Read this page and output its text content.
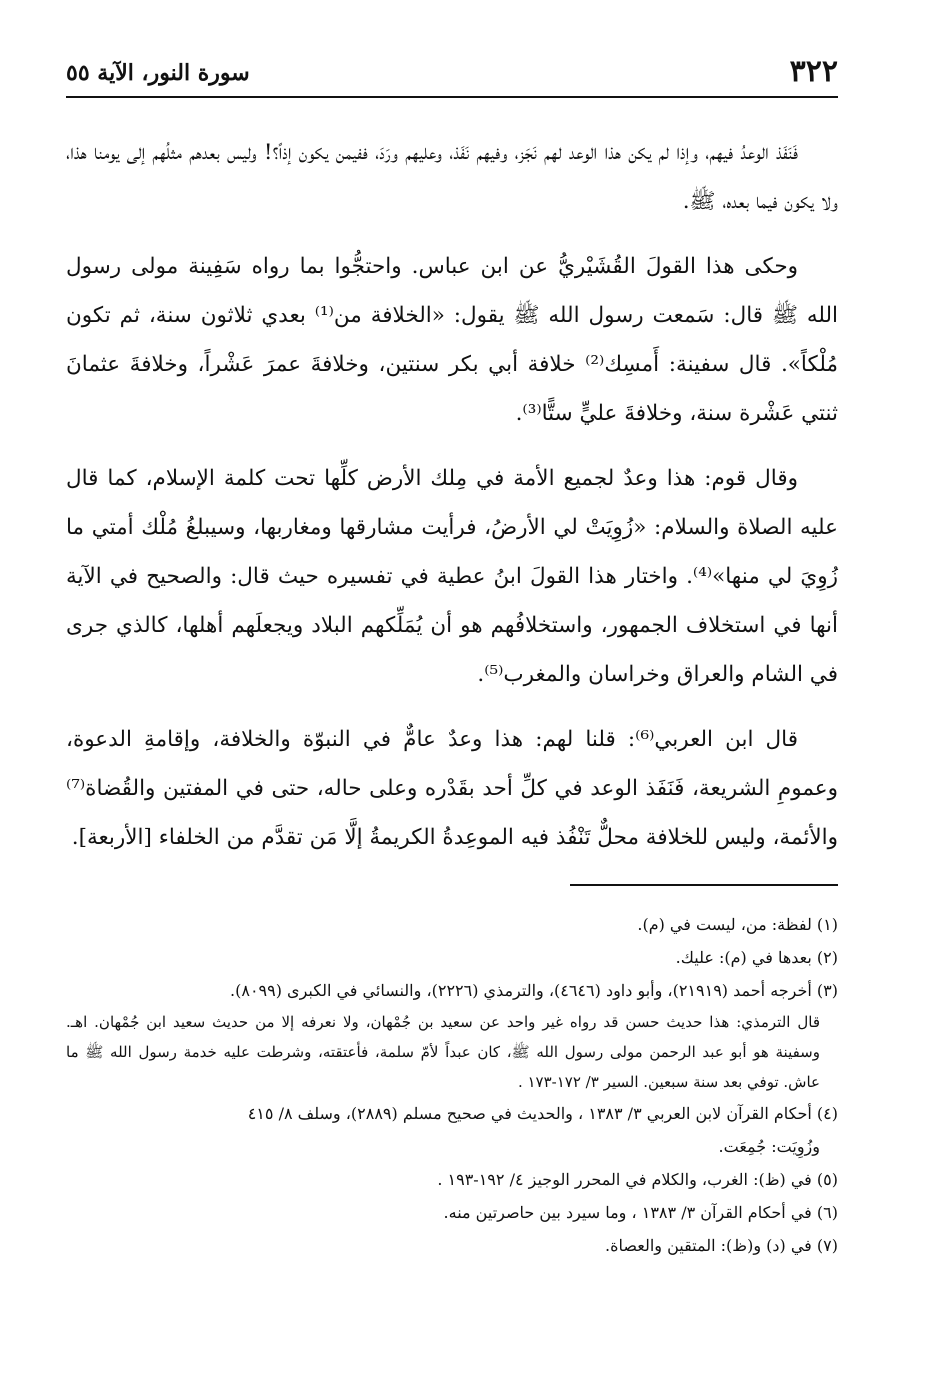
٣٢٢
سورة النور، الآية ٥٥

فَنَفَذ الوعدُ فيهم، وإذا لم يكن هذا الوعد لهم نَجَز، وفيهم نَفَذ، وعليهم ورَدَ، ففيمن يكون إذاً؟! وليس بعدهم مثلُهم إلى يومنا هذا، ولا يكون فيما بعده، ﷺ.

وحكى هذا القولَ القُشَيْريُّ عن ابن عباس. واحتجُّوا بما رواه سَفِينة مولى رسول الله ﷺ قال: سَمعت رسول الله ﷺ يقول: «الخلافة من⁽¹⁾ بعدي ثلاثون سنة، ثم تكون مُلْكاً». قال سفينة: أَمسِك⁽²⁾ خلافة أبي بكر سنتين، وخلافةَ عمرَ عَشْراً، وخلافةَ عثمانَ ثنتي عَشْرة سنة، وخلافةَ عليٍّ ستًّا⁽³⁾.

وقال قوم: هذا وعدٌ لجميع الأمة في مِلك الأرض كلِّها تحت كلمة الإسلام، كما قال عليه الصلاة والسلام: «زُوِيَتْ لي الأرضُ، فرأيت مشارقها ومغاربها، وسيبلغُ مُلْك أمتي ما زُوِيَ لي منها»⁽⁴⁾. واختار هذا القولَ ابنُ عطية في تفسيره حيث قال: والصحيح في الآية أنها في استخلاف الجمهور، واستخلافُهم هو أن يُمَلِّكهم البلاد ويجعلَهم أهلها، كالذي جرى في الشام والعراق وخراسان والمغرب⁽⁵⁾.

قال ابن العربي⁽⁶⁾: قلنا لهم: هذا وعدٌ عامٌّ في النبوّة والخلافة، وإقامةِ الدعوة، وعمومِ الشريعة، فَنَفَذ الوعد في كلِّ أحد بقَدْره وعلى حاله، حتى في المفتين والقُضاة⁽⁷⁾ والأئمة، وليس للخلافة محلٌّ تَنْفُذ فيه الموعِدةُ الكريمةُ إلَّا مَن تقدَّم من الخلفاء [الأربعة].

(١) لفظة: من، ليست في (م).

(٢) بعدها في (م): عليك.

(٣) أخرجه أحمد (٢١٩١٩)، وأبو داود (٤٦٤٦)، والترمذي (٢٢٢٦)، والنسائي في الكبرى (٨٠٩٩).

قال الترمذي: هذا حديث حسن قد رواه غير واحد عن سعيد بن جُمْهان، ولا نعرفه إلا من حديث سعيد ابن جُمْهان. اهـ. وسفينة هو أبو عبد الرحمن مولى رسول الله ﷺ، كان عبداً لأمّ سلمة، فأعتقته، وشرطت عليه خدمة رسول الله ﷺ ما عاش. توفي بعد سنة سبعين. السير ٣/ ١٧٢-١٧٣ .

(٤) أحكام القرآن لابن العربي ٣/ ١٣٨٣ ، والحديث في صحيح مسلم (٢٨٨٩)، وسلف ٨/ ٤١٥

وزُوِيَت: جُمِعَت.

(٥) في (ظ): الغرب، والكلام في المحرر الوجيز ٤/ ١٩٢-١٩٣ .

(٦) في أحكام القرآن ٣/ ١٣٨٣ ، وما سيرد بين حاصرتين منه.

(٧) في (د) و(ظ): المتقين والعصاة.
